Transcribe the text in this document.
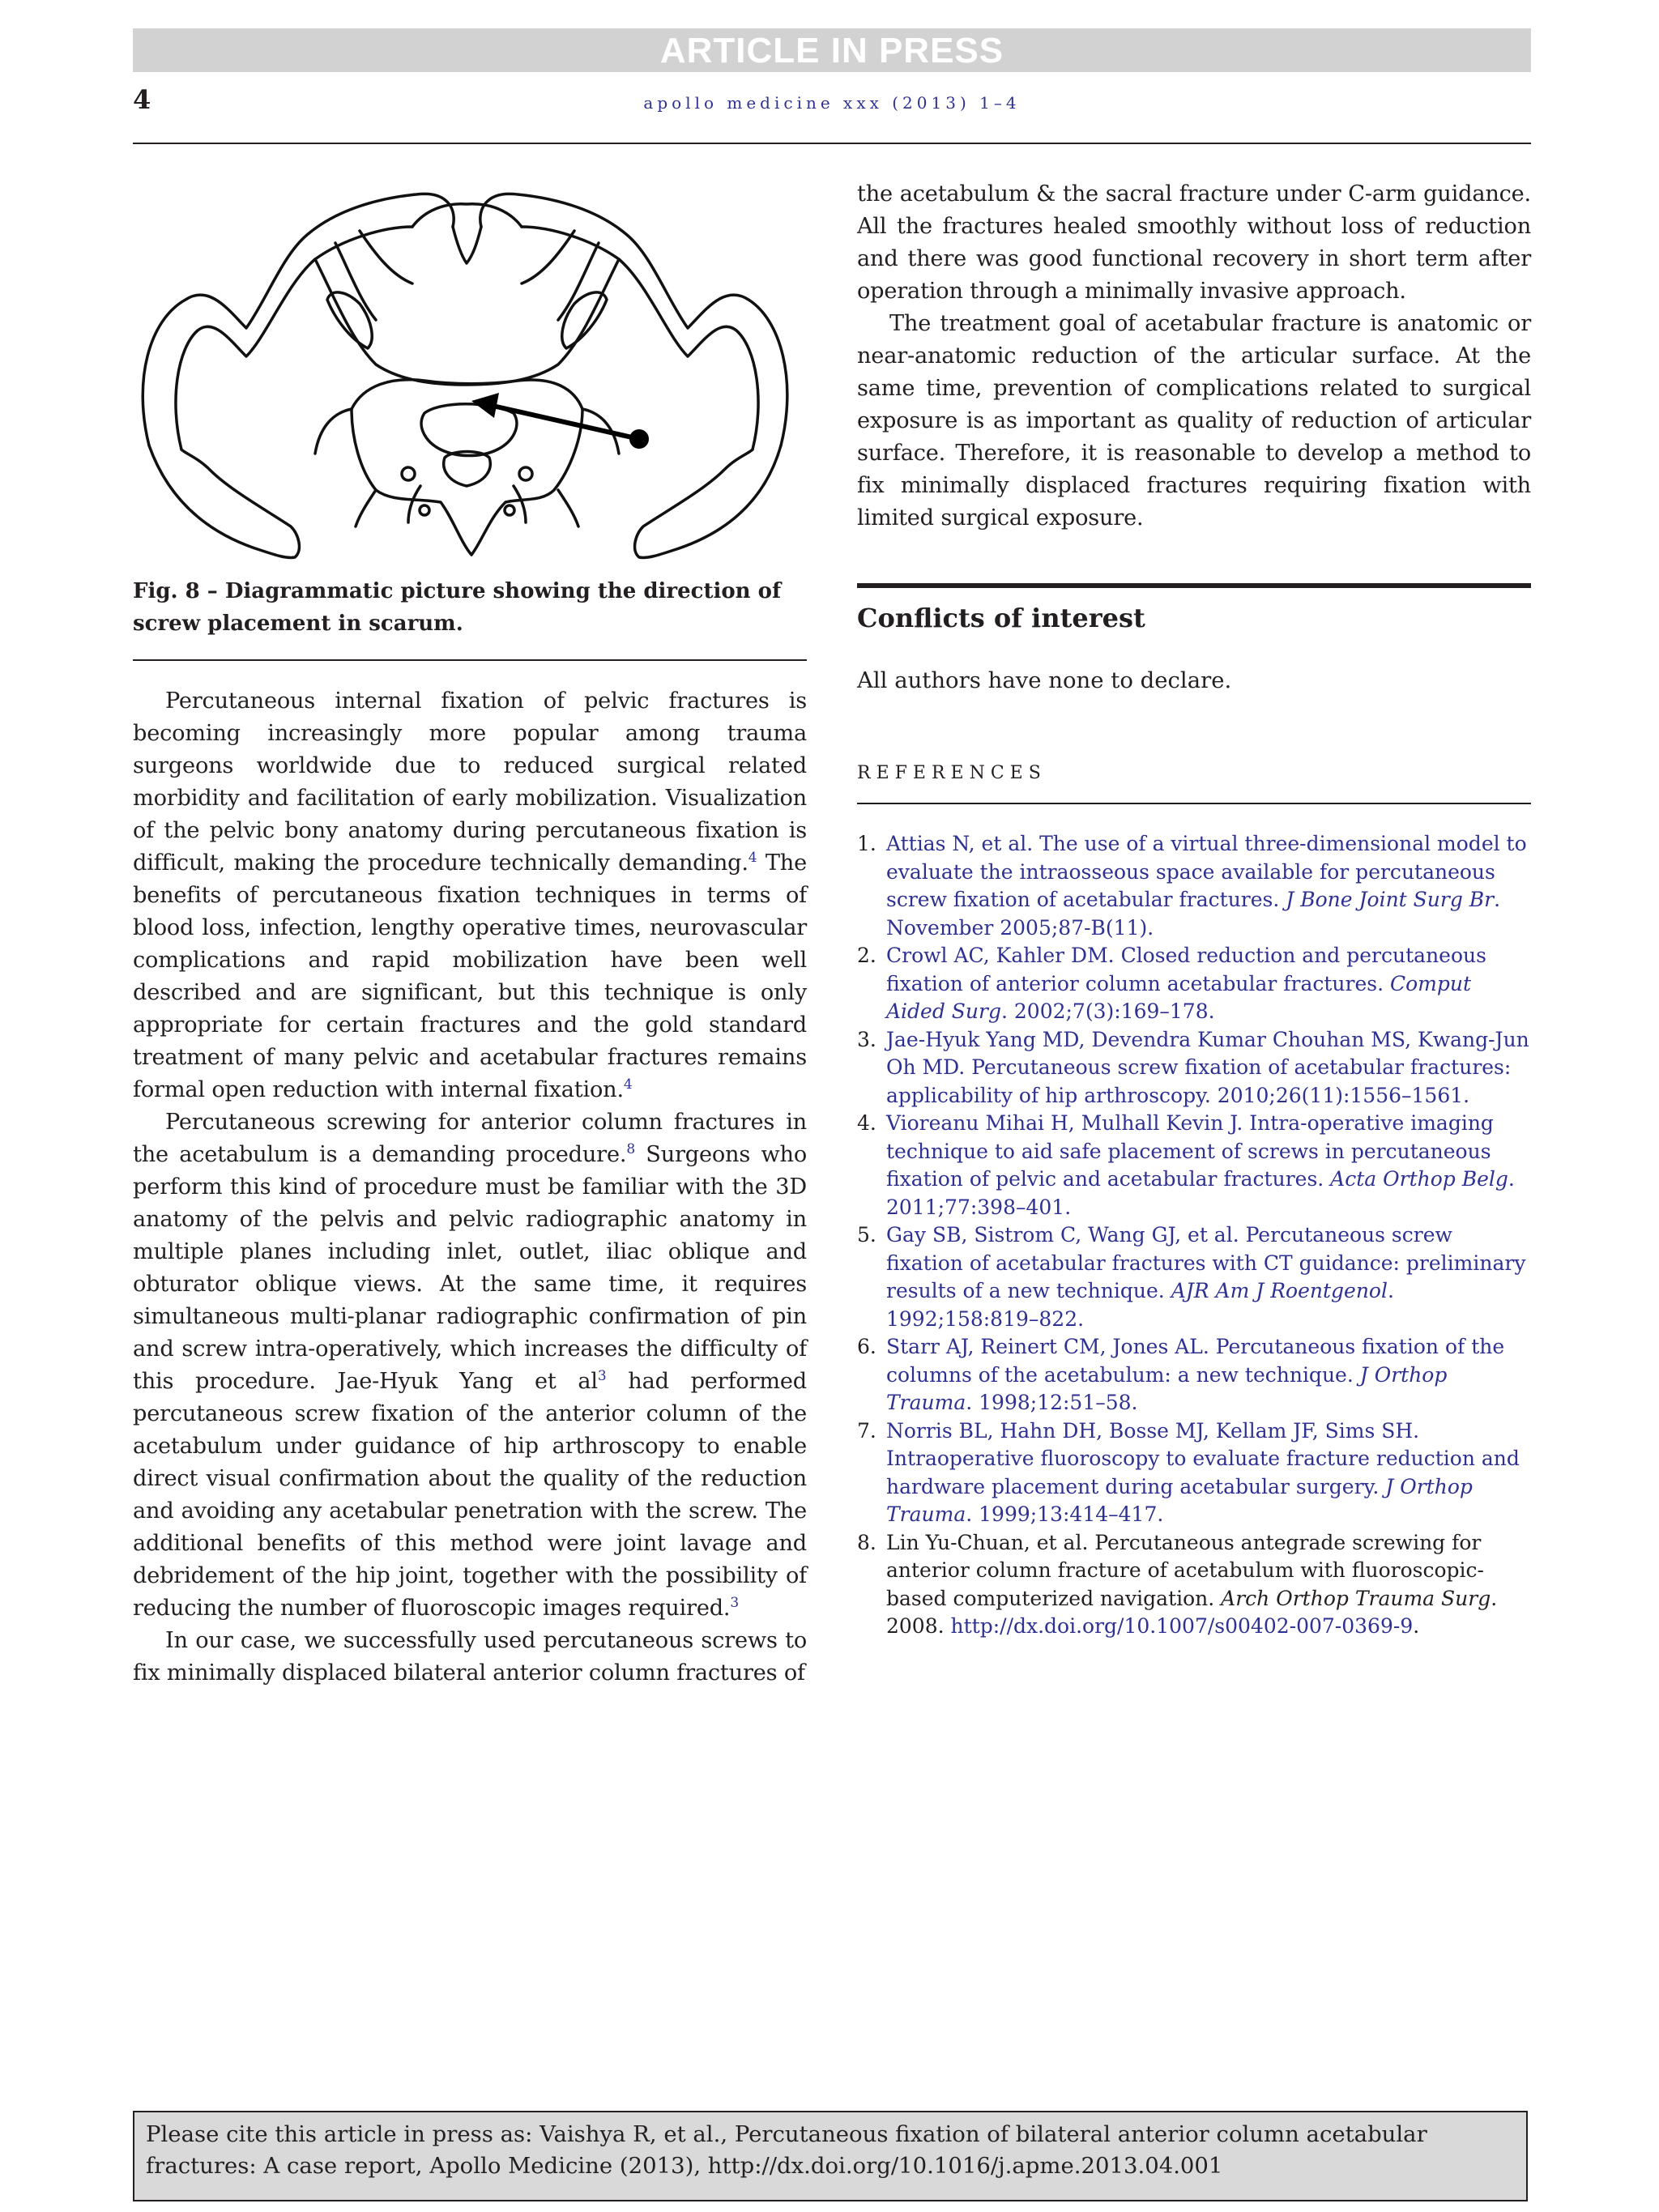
ARTICLE IN PRESS
4	apollo medicine xxx (2013) 1–4
Fig. 8 – Diagrammatic picture showing the direction of screw placement in scarum.

Percutaneous internal fixation of pelvic fractures is becoming increasingly more popular among trauma surgeons worldwide due to reduced surgical related morbidity and facilitation of early mobilization. Visualization of the pelvic bony anatomy during percutaneous fixation is difficult, making the procedure technically demanding.$^4$ The benefits of percutaneous fixation techniques in terms of blood loss, infection, lengthy operative times, neurovascular complications and rapid mobilization have been well described and are significant, but this technique is only appropriate for certain fractures and the gold standard treatment of many pelvic and acetabular fractures remains formal open reduction with internal fixation.$^4$

Percutaneous screwing for anterior column fractures in the acetabulum is a demanding procedure.$^8$ Surgeons who perform this kind of procedure must be familiar with the 3D anatomy of the pelvis and pelvic radiographic anatomy in multiple planes including inlet, outlet, iliac oblique and obturator oblique views. At the same time, it requires simultaneous multi-planar radiographic confirmation of pin and screw intra-operatively, which increases the difficulty of this procedure. Jae-Hyuk Yang et $al^3$ had performed percutaneous screw fixation of the anterior column of the acetabulum under guidance of hip arthroscopy to enable direct visual confirmation about the quality of the reduction and avoiding any acetabular penetration with the screw. The additional benefits of this method were joint lavage and debridement of the hip joint, together with the possibility of reducing the number of fluoroscopic images required.$^3$

In our case, we successfully used percutaneous screws to fix minimally displaced bilateral anterior column fractures of

the acetabulum & the sacral fracture under C-arm guidance. All the fractures healed smoothly without loss of reduction and there was good functional recovery in short term after operation through a minimally invasive approach.

The treatment goal of acetabular fracture is anatomic or near-anatomic reduction of the articular surface. At the same time, prevention of complications related to surgical exposure is as important as quality of reduction of articular surface. Therefore, it is reasonable to develop a method to fix minimally displaced fractures requiring fixation with limited surgical exposure.

Conflicts of interest
All authors have none to declare.
REFERENCES
1. Attias N, et al. The use of a virtual three-dimensional model to evaluate the intraosseous space available for percutaneous screw fixation of acetabular fractures. J Bone Joint Surg Br. November 2005;87-B(11).
2. Crowl AC, Kahler DM. Closed reduction and percutaneous fixation of anterior column acetabular fractures. Comput Aided Surg. 2002;7(3):169–178.
3. Jae-Hyuk Yang MD, Devendra Kumar Chouhan MS, Kwang-Jun Oh MD. Percutaneous screw fixation of acetabular fractures: applicability of hip arthroscopy. 2010;26(11):1556–1561.
4. Vioreanu Mihai H, Mulhall Kevin J. Intra-operative imaging technique to aid safe placement of screws in percutaneous fixation of pelvic and acetabular fractures. Acta Orthop Belg. 2011;77:398–401.
5. Gay SB, Sistrom C, Wang GJ, et al. Percutaneous screw fixation of acetabular fractures with CT guidance: preliminary results of a new technique. AJR Am J Roentgenol. 1992;158:819–822.
6. Starr AJ, Reinert CM, Jones AL. Percutaneous fixation of the columns of the acetabulum: a new technique. J Orthop Trauma. 1998;12:51–58.
7. Norris BL, Hahn DH, Bosse MJ, Kellam JF, Sims SH. Intraoperative fluoroscopy to evaluate fracture reduction and hardware placement during acetabular surgery. J Orthop Trauma. 1999;13:414–417.
8. Lin Yu-Chuan, et al. Percutaneous antegrade screwing for anterior column fracture of acetabulum with fluoroscopic-based computerized navigation. Arch Orthop Trauma Surg. 2008. http://dx.doi.org/10.1007/s00402-007-0369-9.
Please cite this article in press as: Vaishya R, et al., Percutaneous fixation of bilateral anterior column acetabular fractures: A case report, Apollo Medicine (2013), http://dx.doi.org/10.1016/j.apme.2013.04.001
